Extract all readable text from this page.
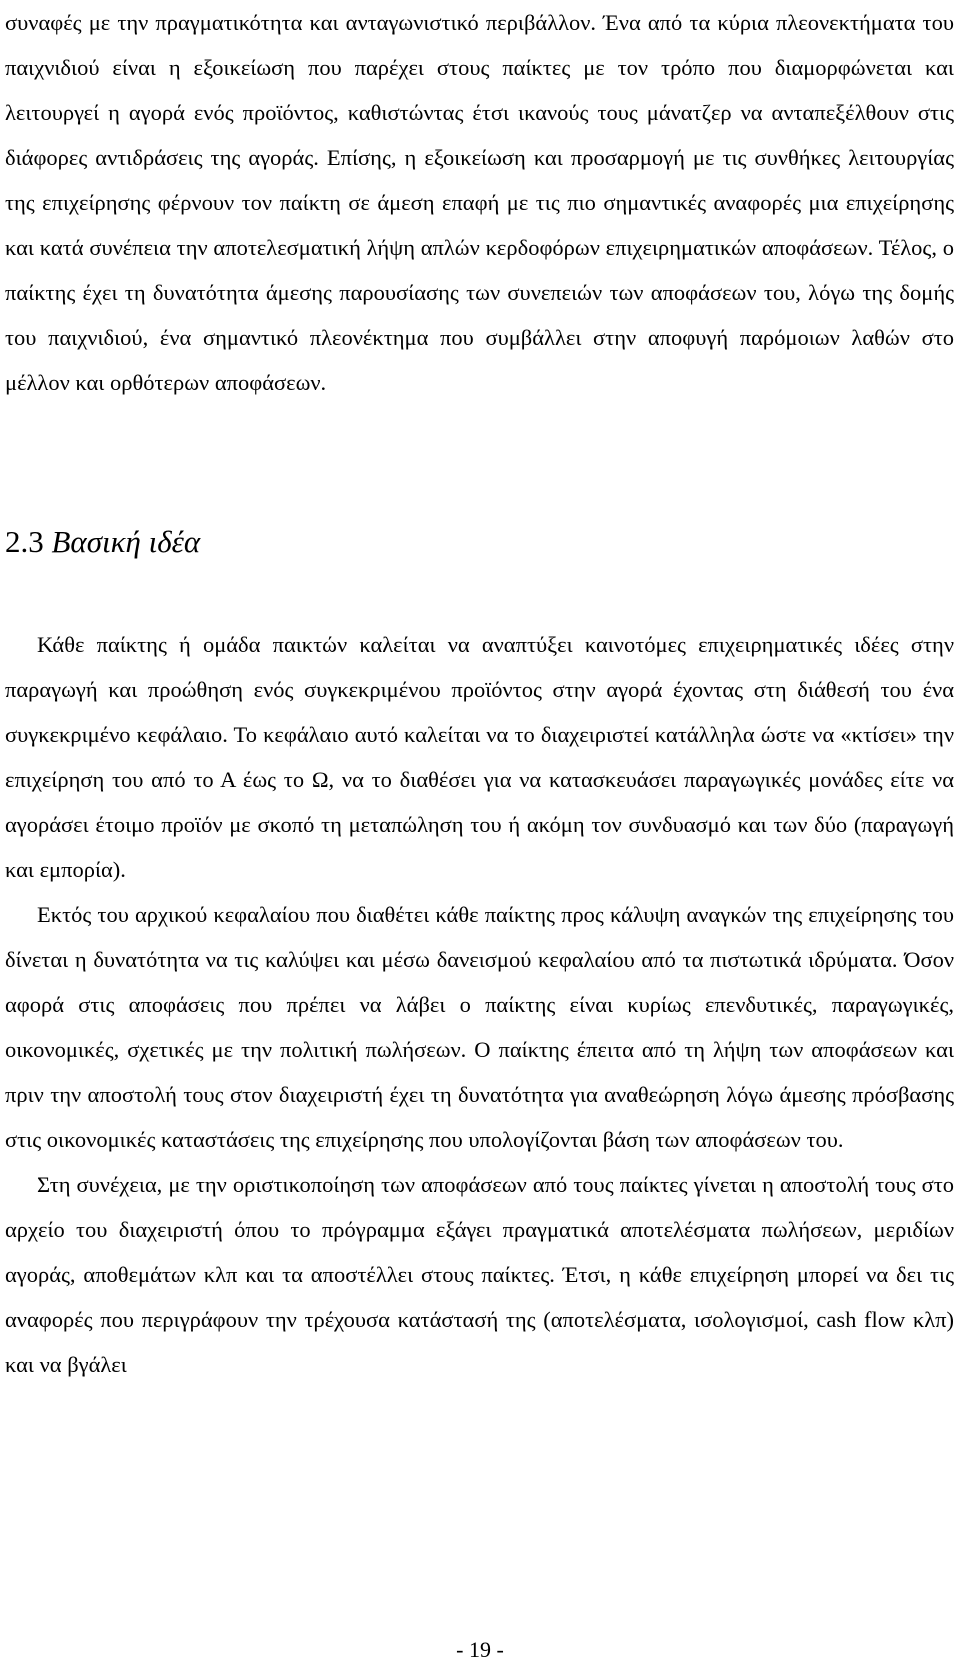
συναφές με την πραγματικότητα και ανταγωνιστικό περιβάλλον. Ένα από τα κύρια πλεονεκτήματα του παιχνιδιού είναι η εξοικείωση που παρέχει στους παίκτες με τον τρόπο που διαμορφώνεται και λειτουργεί η αγορά ενός προϊόντος, καθιστώντας έτσι ικανούς τους μάνατζερ να ανταπεξέλθουν στις διάφορες αντιδράσεις της αγοράς. Επίσης, η εξοικείωση και προσαρμογή με τις συνθήκες λειτουργίας της επιχείρησης φέρνουν τον παίκτη σε άμεση επαφή με τις πιο σημαντικές αναφορές μια επιχείρησης και κατά συνέπεια την αποτελεσματική λήψη απλών κερδοφόρων επιχειρηματικών αποφάσεων. Τέλος, ο παίκτης έχει τη δυνατότητα άμεσης παρουσίασης των συνεπειών των αποφάσεων του, λόγω της δομής του παιχνιδιού, ένα σημαντικό πλεονέκτημα που συμβάλλει στην αποφυγή παρόμοιων λαθών στο μέλλον και ορθότερων αποφάσεων.

2.3 Βασική ιδέα

Κάθε παίκτης ή ομάδα παικτών καλείται να αναπτύξει καινοτόμες επιχειρηματικές ιδέες στην παραγωγή και προώθηση ενός συγκεκριμένου προϊόντος στην αγορά έχοντας στη διάθεσή του ένα συγκεκριμένο κεφάλαιο. Το κεφάλαιο αυτό καλείται να το διαχειριστεί κατάλληλα ώστε να «κτίσει» την επιχείρηση του από το Α έως το Ω, να το διαθέσει για να κατασκευάσει παραγωγικές μονάδες είτε να αγοράσει έτοιμο προϊόν με σκοπό τη μεταπώληση του ή ακόμη τον συνδυασμό και των δύο (παραγωγή και εμπορία).

Εκτός του αρχικού κεφαλαίου που διαθέτει κάθε παίκτης προς κάλυψη αναγκών της επιχείρησης του δίνεται η δυνατότητα να τις καλύψει και μέσω δανεισμού κεφαλαίου από τα πιστωτικά ιδρύματα. Όσον αφορά στις αποφάσεις που πρέπει να λάβει ο παίκτης είναι κυρίως επενδυτικές, παραγωγικές, οικονομικές, σχετικές με την πολιτική πωλήσεων. Ο παίκτης έπειτα από τη λήψη των αποφάσεων και πριν την αποστολή τους στον διαχειριστή έχει τη δυνατότητα για αναθεώρηση λόγω άμεσης πρόσβασης στις οικονομικές καταστάσεις της επιχείρησης που υπολογίζονται βάση των αποφάσεων του.

Στη συνέχεια, με την οριστικοποίηση των αποφάσεων από τους παίκτες γίνεται η αποστολή τους στο αρχείο του διαχειριστή όπου το πρόγραμμα εξάγει πραγματικά αποτελέσματα πωλήσεων, μεριδίων αγοράς, αποθεμάτων κλπ και τα αποστέλλει στους παίκτες. Έτσι, η κάθε επιχείρηση μπορεί να δει τις αναφορές που περιγράφουν την τρέχουσα κατάστασή της (αποτελέσματα, ισολογισμοί, cash flow κλπ) και να βγάλει

- 19 -
